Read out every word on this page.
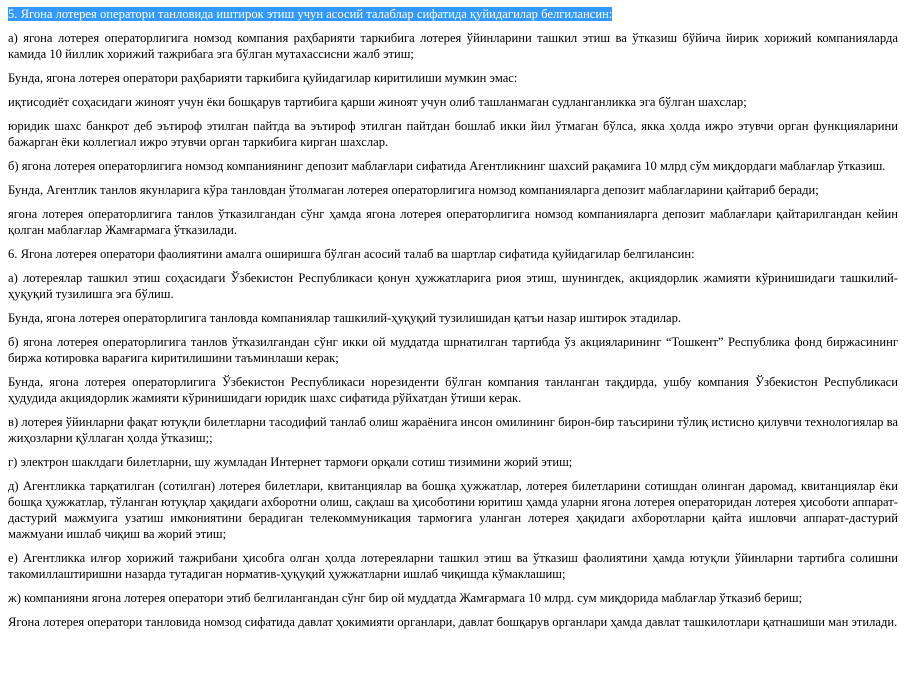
5. Ягона лотерея оператори танловида иштирок этиш учун асосий талаблар сифатида қуйидагилар белгилансин:

а) ягона лотерея операторлигига номзод компания раҳбарияти таркибига лотерея ўйинларини ташкил этиш ва ўтказиш бўйича йирик хорижий компанияларда камида 10 йиллик хорижий тажрибага эга бўлган мутахассисни жалб этиш;

Бунда, ягона лотерея оператори раҳбарияти таркибига қуйидагилар киритилиши мумкин эмас:

иқтисодиёт соҳасидаги жиноят учун ёки бошқарув тартибига қарши жиноят учун олиб ташланмаган судланганликка эга бўлган шахслар;

юридик шахс банкрот деб эътироф этилган пайтда ва эътироф этилган пайтдан бошлаб икки йил ўтмаган бўлса, якка ҳолда ижро этувчи орган функцияларини бажарган ёки коллегиал ижро этувчи орган таркибига кирган шахслар.

б) ягона лотерея операторлигига номзод компаниянинг депозит маблағлари сифатида Агентликнинг шахсий рақамига 10 млрд сўм миқдордаги маблағлар ўтказиш.

Бунда, Агентлик танлов якунларига кўра танловдан ўтолмаган лотерея операторлигига номзод компанияларга депозит маблағларини қайтариб беради;

ягона лотерея операторлигига танлов ўтказилгандан сўнг ҳамда ягона лотерея операторлигига номзод компанияларга депозит маблағлари қайтарилгандан кейин қолган маблағлар Жамғармага ўтказилади.

6. Ягона лотерея оператори фаолиятини амалга оширишга бўлган асосий талаб ва шартлар сифатида қуйидагилар белгилансин:

а) лотереялар ташкил этиш соҳасидаги Ўзбекистон Республикаси қонун ҳужжатларига риоя этиш, шунингдек, акциядорлик жамияти кўринишидаги ташкилий-ҳуқуқий тузилишга эга бўлиш.

Бунда, ягона лотерея операторлигига танловда компаниялар ташкилий-ҳуқуқий тузилишидан қатъи назар иштирок этадилар.

б) ягона лотерея операторлигига танлов ўтказилгандан сўнг икки ой муддатда шрнатилган тартибда ўз акцияларининг “Тошкент” Республика фонд биржасининг биржа котировка варағига киритилишини таъминлаши керак;

Бунда, ягона лотерея операторлигига Ўзбекистон Республикаси норезиденти бўлган компания танланган тақдирда, ушбу компания Ўзбекистон Республикаси ҳудудида акциядорлик жамияти кўринишидаги юридик шахс сифатида рўйхатдан ўтиши керак.

в) лотерея ўйинларни фақат ютуқли билетларни тасодифий танлаб олиш жараёнига инсон омилининг бирон-бир таъсирини тўлиқ истисно қилувчи технологиялар ва жиҳозларни қўллаган ҳолда ўтказиш;;

г) электрон шаклдаги билетларни, шу жумладан Интернет тармоғи орқали сотиш тизимини жорий этиш;

д) Агентликка тарқатилган (сотилган) лотерея билетлари, квитанциялар ва бошқа ҳужжатлар, лотерея билетларини сотишдан олинган даромад, квитанциялар ёки бошқа ҳужжатлар, тўланган ютуқлар ҳақидаги ахборотни олиш, сақлаш ва ҳисоботини юритиш ҳамда уларни ягона лотерея операторидан лотерея ҳисоботи аппарат-дастурий мажмуига узатиш имкониятини берадиган телекоммуникация тармоғига уланган лотерея ҳақидаги ахборотларни қайта ишловчи аппарат-дастурий мажмуани ишлаб чиқиш ва жорий этиш;

е) Агентликка илғор хорижий тажрибани ҳисобга олган ҳолда лотереяларни ташкил этиш ва ўтказиш фаолиятини ҳамда ютуқли ўйинларни тартибга солишни такомиллаштиришни назарда тутадиган норматив-ҳуқуқий ҳужжатларни ишлаб чиқишда кўмаклашиш;

ж) компанияни ягона лотерея оператори этиб белгилангандан сўнг бир ой муддатда Жамғармага 10 млрд. сум миқдорида маблағлар ўтказиб бериш;

Ягона лотерея оператори танловида номзод сифатида давлат ҳокимияти органлари, давлат бошқарув органлари ҳамда давлат ташкилотлари қатнашиши ман этилади.
